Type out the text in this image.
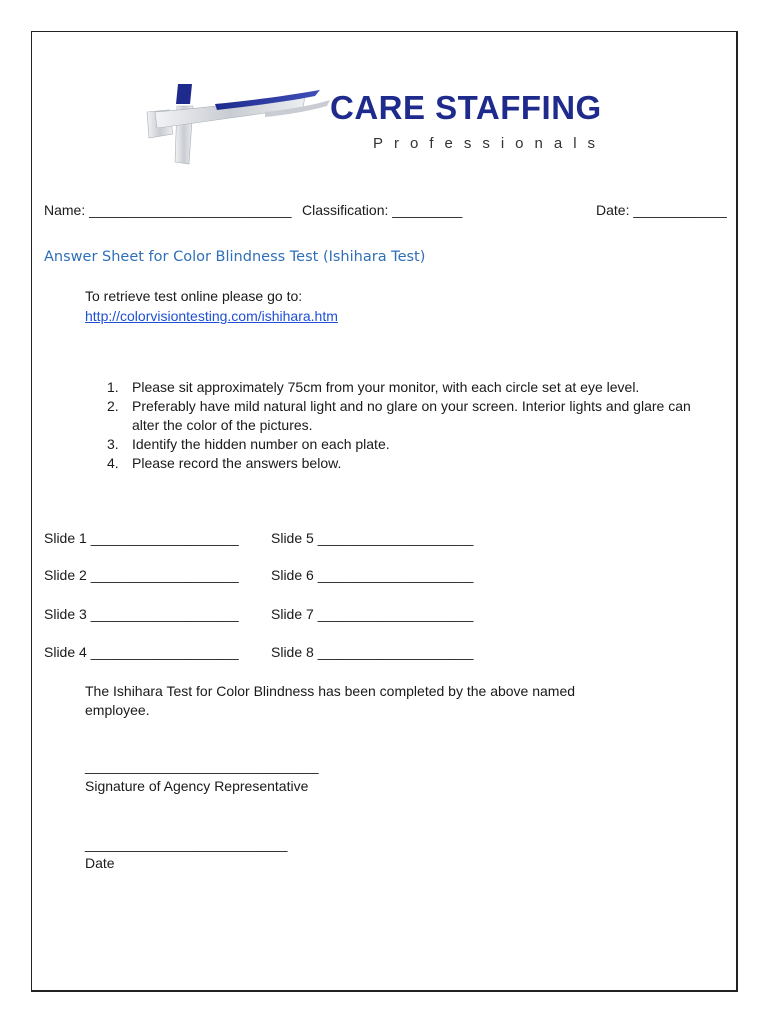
CARE STAFFING
Professionals
Name: __________________________ Classification: _________	Date: ____________
Answer Sheet for Color Blindness Test (Ishihara Test)
To retrieve test online please go to:
http://colorvisiontesting.com/ishihara.htm
1. Please sit approximately 75cm from your monitor, with each circle set at eye level.
2. Preferably have mild natural light and no glare on your screen. Interior lights and glare can alter the color of the pictures.
3. Identify the hidden number on each plate.
4. Please record the answers below.
Slide 1 ___________________
Slide 2 ___________________
Slide 3 ___________________
Slide 4 ___________________
Slide 5 ____________________
Slide 6 ____________________
Slide 7 ____________________
Slide 8 ____________________
The Ishihara Test for Color Blindness has been completed by the above named employee.
______________________________
Signature of Agency Representative
__________________________
Date
